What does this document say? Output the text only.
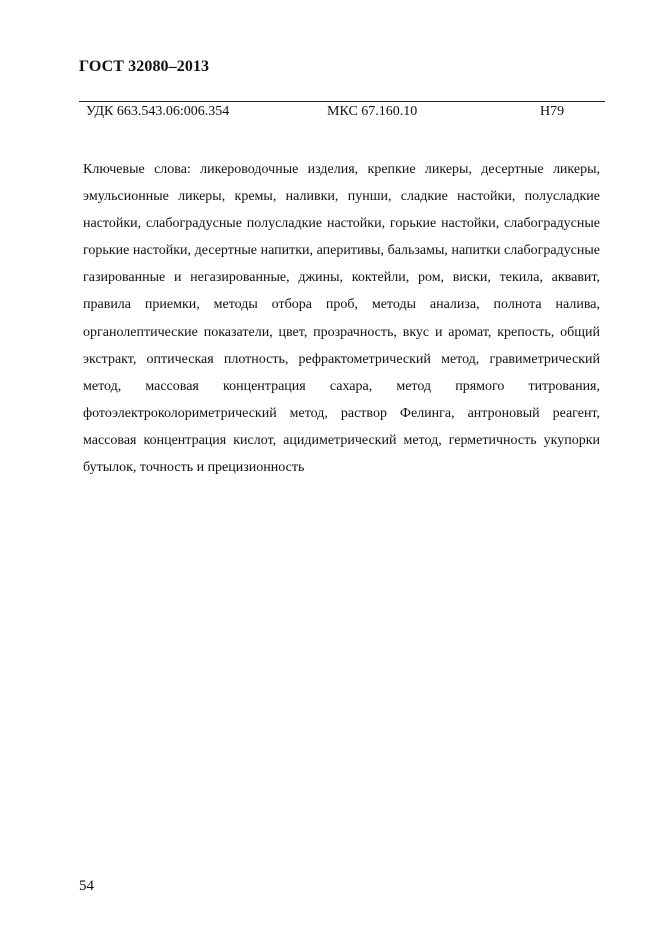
ГОСТ 32080–2013
УДК 663.543.06:006.354	МКС 67.160.10	Н79
Ключевые слова: ликероводочные изделия, крепкие ликеры, десертные ликеры, эмульсионные ликеры, кремы, наливки, пунши, сладкие настойки, полусладкие настойки, слабоградусные полусладкие настойки, горькие настойки, слабоградусные горькие настойки, десертные напитки, аперитивы, бальзамы, напитки слабоградусные газированные и негазированные, джины, коктейли, ром, виски, текила, аквавит, правила приемки, методы отбора проб, методы анализа, полнота налива, органолептические показатели, цвет, прозрачность, вкус и аромат, крепость, общий экстракт, оптическая плотность, рефрактометрический метод, гравиметрический метод, массовая концентрация сахара, метод прямого титрования, фотоэлектроколориметрический метод, раствор Фелинга, антроновый реагент, массовая концентрация кислот, ацидиметрический метод, герметичность укупорки бутылок, точность и прецизионность
54
